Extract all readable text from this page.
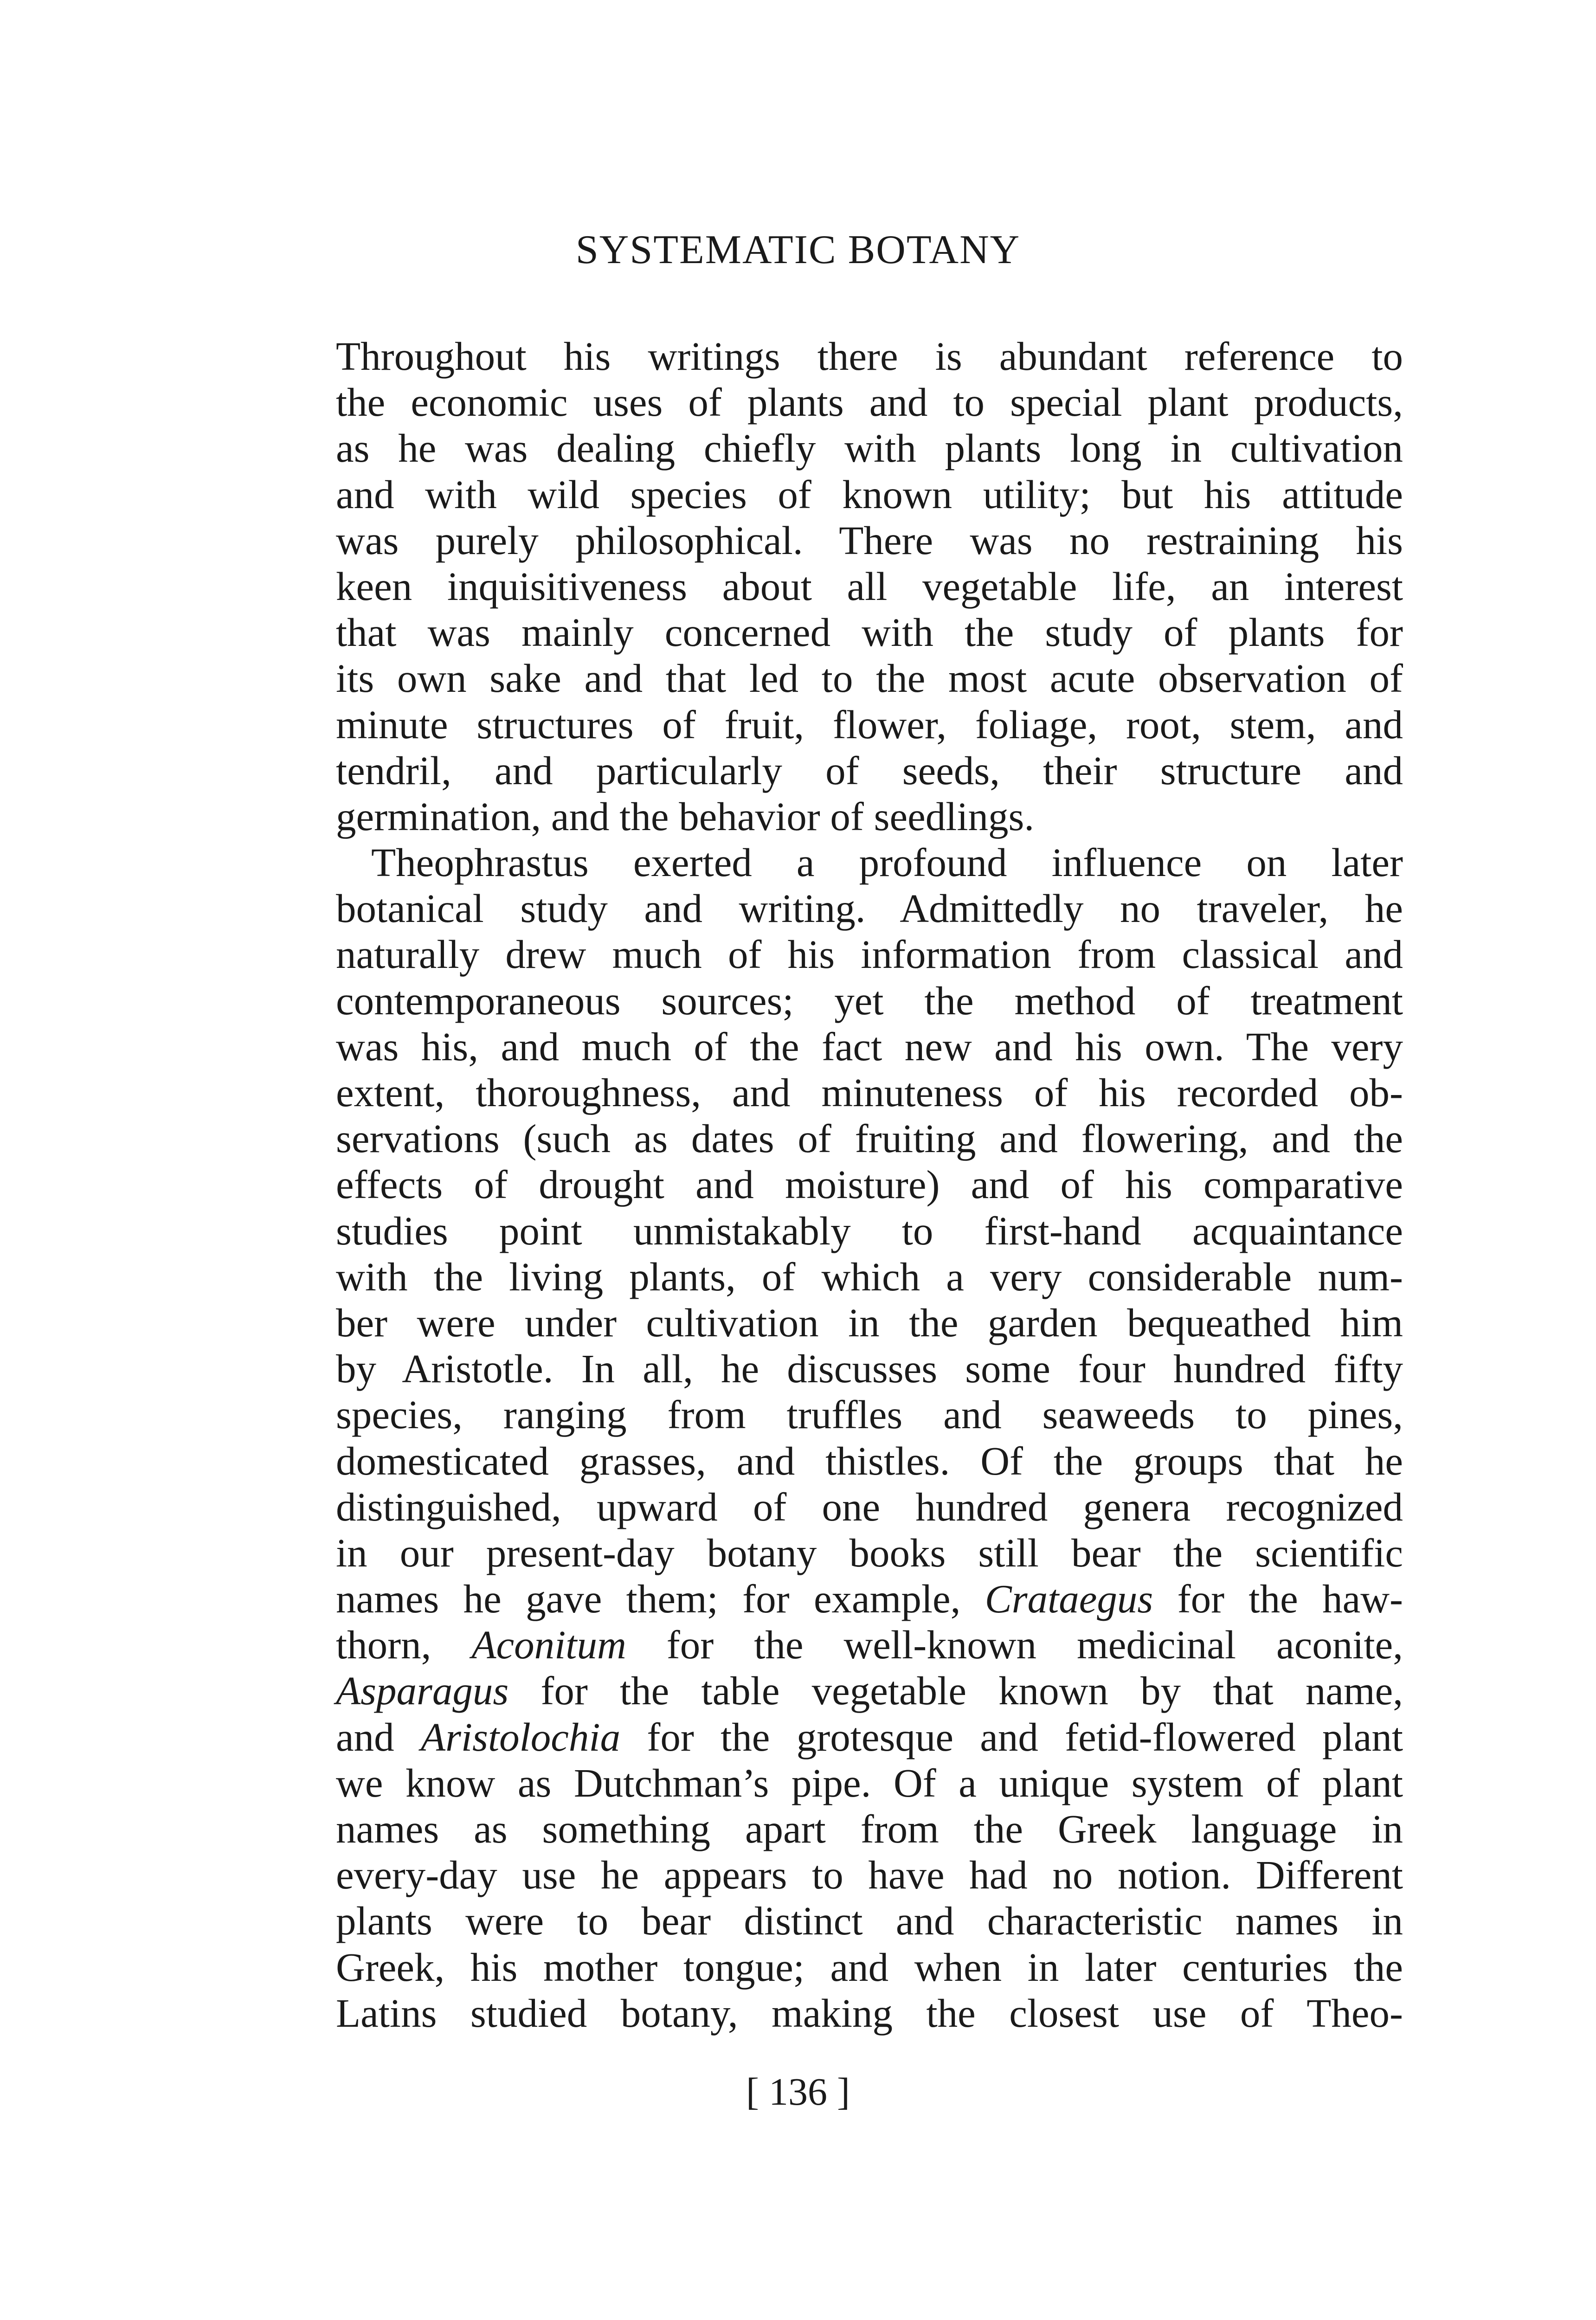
SYSTEMATIC BOTANY
Throughout his writings there is abundant reference to
the economic uses of plants and to special plant products,
as he was dealing chiefly with plants long in cultivation
and with wild species of known utility; but his attitude
was purely philosophical. There was no restraining his
keen inquisitiveness about all vegetable life, an interest
that was mainly concerned with the study of plants for
its own sake and that led to the most acute observation of
minute structures of fruit, flower, foliage, root, stem, and
tendril, and particularly of seeds, their structure and
germination, and the behavior of seedlings.
Theophrastus exerted a profound influence on later
botanical study and writing. Admittedly no traveler, he
naturally drew much of his information from classical and
contemporaneous sources; yet the method of treatment
was his, and much of the fact new and his own. The very
extent, thoroughness, and minuteness of his recorded ob-
servations (such as dates of fruiting and flowering, and the
effects of drought and moisture) and of his comparative
studies point unmistakably to first-hand acquaintance
with the living plants, of which a very considerable num-
ber were under cultivation in the garden bequeathed him
by Aristotle. In all, he discusses some four hundred fifty
species, ranging from truffles and seaweeds to pines,
domesticated grasses, and thistles. Of the groups that he
distinguished, upward of one hundred genera recognized
in our present-day botany books still bear the scientific
names he gave them; for example, Crataegus for the haw-
thorn, Aconitum for the well-known medicinal aconite,
Asparagus for the table vegetable known by that name,
and Aristolochia for the grotesque and fetid-flowered plant
we know as Dutchman’s pipe. Of a unique system of plant
names as something apart from the Greek language in
every-day use he appears to have had no notion. Different
plants were to bear distinct and characteristic names in
Greek, his mother tongue; and when in later centuries the
Latins studied botany, making the closest use of Theo-
[ 136 ]
